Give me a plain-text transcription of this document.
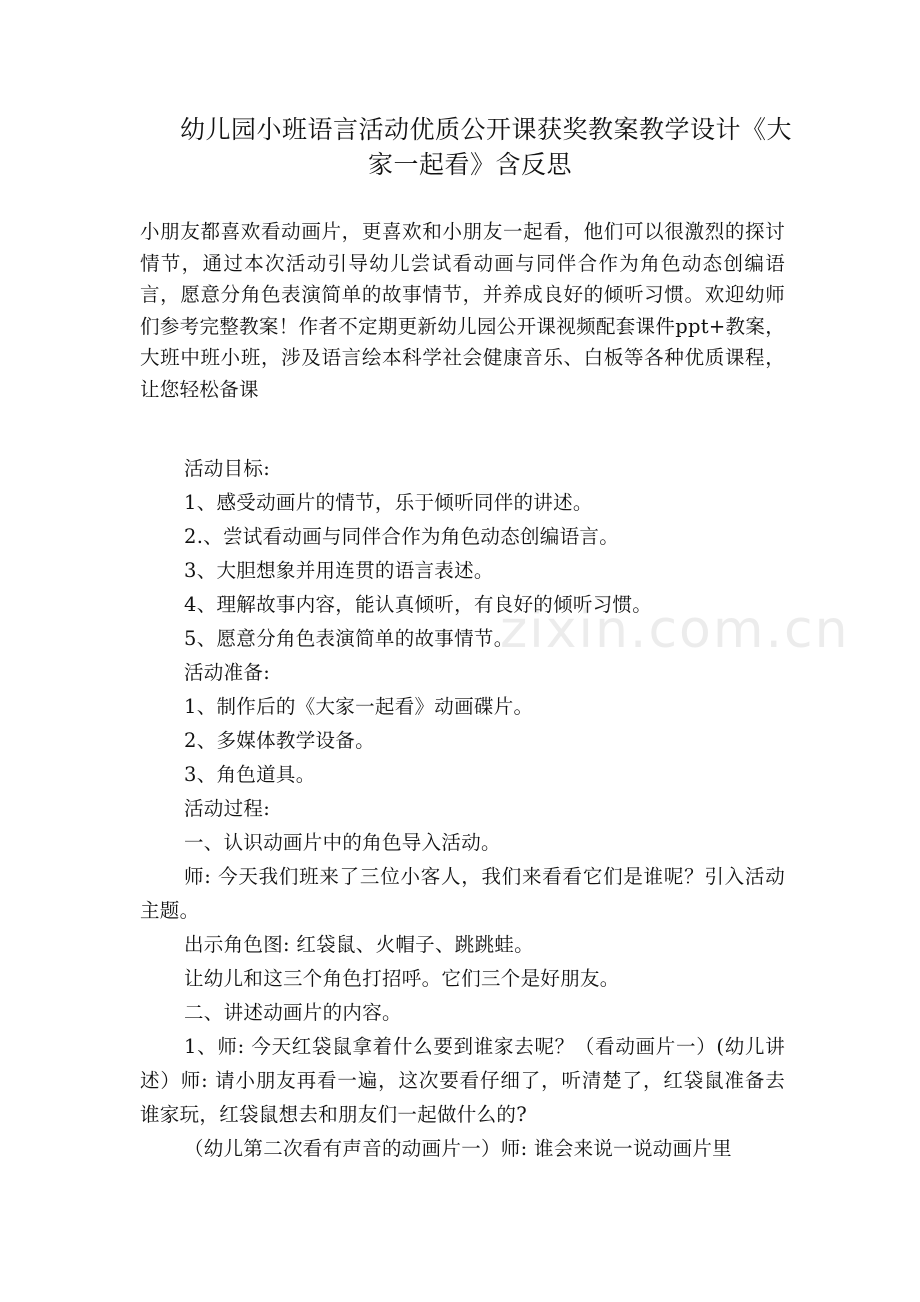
幼儿园小班语言活动优质公开课获奖教案教学设计《大
家一起看》含反思
小朋友都喜欢看动画片，更喜欢和小朋友一起看，他们可以很激烈的探讨情节，通过本次活动引导幼儿尝试看动画与同伴合作为角色动态创编语言，愿意分角色表演简单的故事情节，并养成良好的倾听习惯。欢迎幼师们参考完整教案！作者不定期更新幼儿园公开课视频配套课件ppt+教案，大班中班小班，涉及语言绘本科学社会健康音乐、白板等各种优质课程，让您轻松备课

活动目标:

1、感受动画片的情节，乐于倾听同伴的讲述。

2.、尝试看动画与同伴合作为角色动态创编语言。

3、大胆想象并用连贯的语言表述。

4、理解故事内容，能认真倾听，有良好的倾听习惯。

5、愿意分角色表演简单的故事情节。

活动准备:

1、制作后的《大家一起看》动画碟片。

2、多媒体教学设备。

3、角色道具。

活动过程:

一、认识动画片中的角色导入活动。

师: 今天我们班来了三位小客人，我们来看看它们是谁呢？引入活动主题。

出示角色图: 红袋鼠、火帽子、跳跳蛙。

让幼儿和这三个角色打招呼。它们三个是好朋友。

二、讲述动画片的内容。

1、师: 今天红袋鼠拿着什么要到谁家去呢？（看动画片一）(幼儿讲述）师: 请小朋友再看一遍，这次要看仔细了，听清楚了，红袋鼠准备去谁家玩，红袋鼠想去和朋友们一起做什么的?

（幼儿第二次看有声音的动画片一）师: 谁会来说一说动画片里

zixin.com.cn
